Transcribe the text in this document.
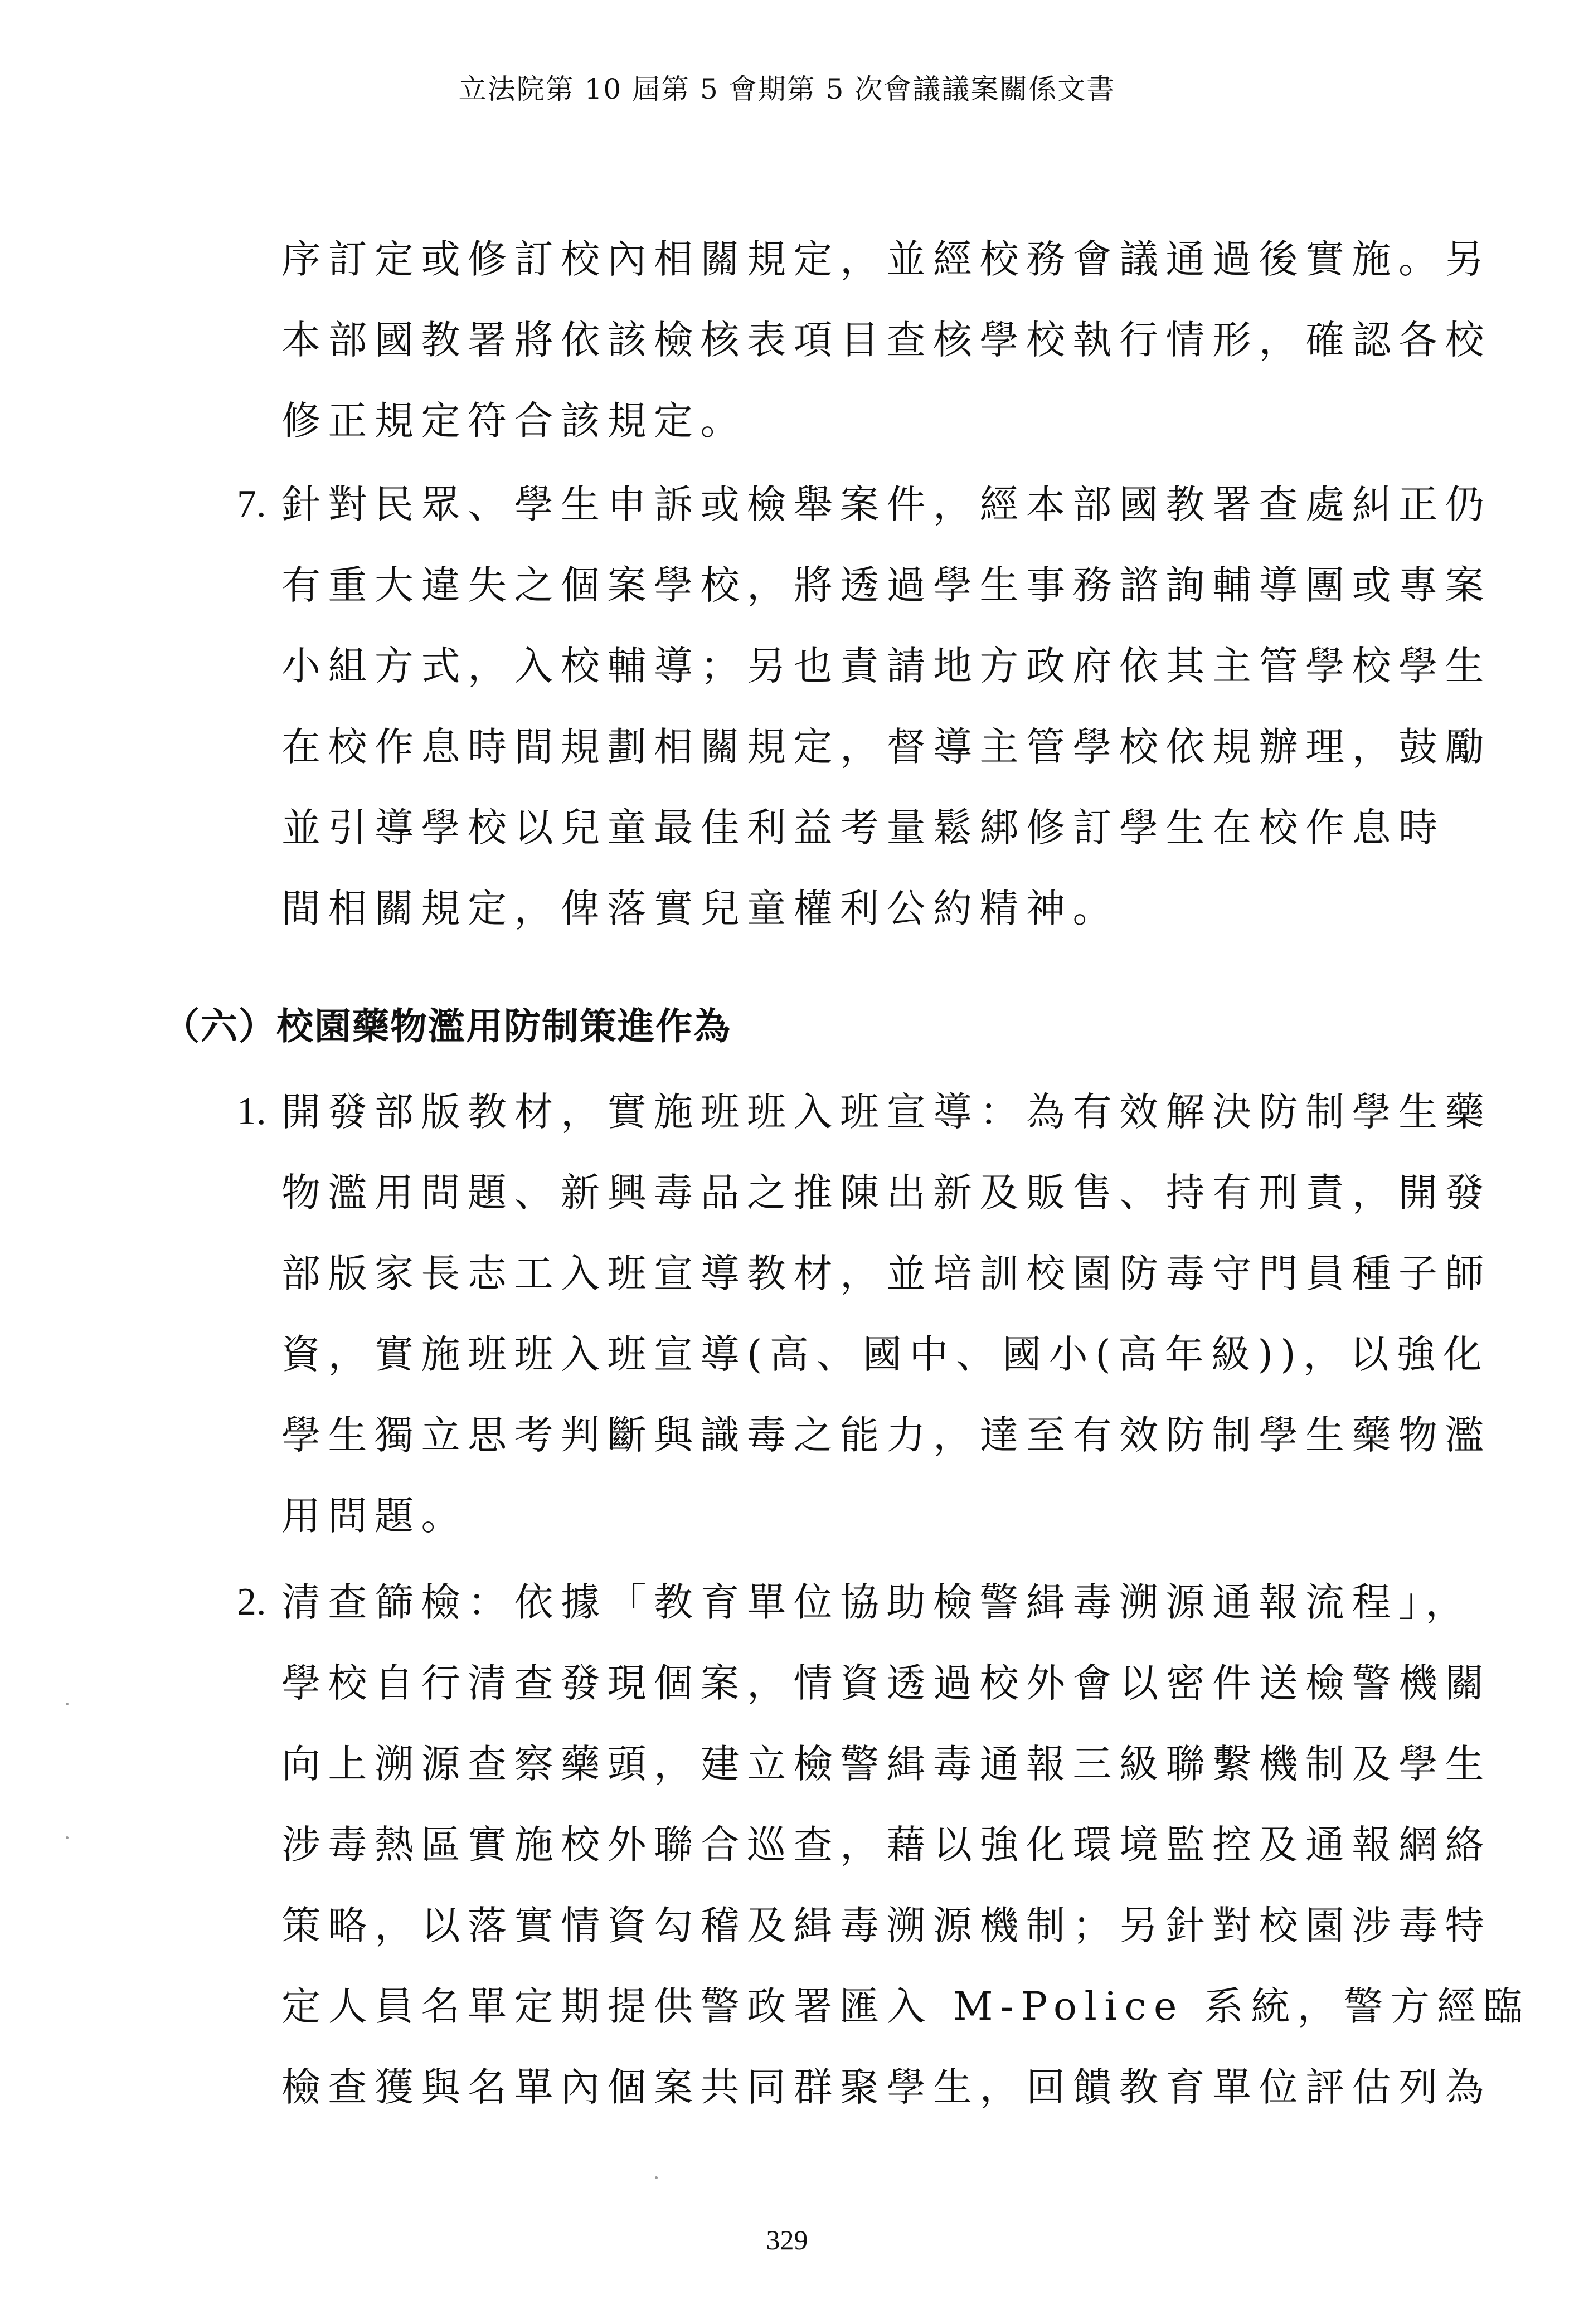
立法院第 10 屆第 5 會期第 5 次會議議案關係文書
序訂定或修訂校內相關規定，並經校務會議通過後實施。另
本部國教署將依該檢核表項目查核學校執行情形，確認各校
修正規定符合該規定。
7. 針對民眾、學生申訴或檢舉案件，經本部國教署查處糾正仍
有重大違失之個案學校，將透過學生事務諮詢輔導團或專案
小組方式，入校輔導；另也責請地方政府依其主管學校學生
在校作息時間規劃相關規定，督導主管學校依規辦理，鼓勵
並引導學校以兒童最佳利益考量鬆綁修訂學生在校作息時
間相關規定，俾落實兒童權利公約精神。
（六）校園藥物濫用防制策進作為
1. 開發部版教材，實施班班入班宣導：為有效解決防制學生藥
物濫用問題、新興毒品之推陳出新及販售、持有刑責，開發
部版家長志工入班宣導教材，並培訓校園防毒守門員種子師
資，實施班班入班宣導(高、國中、國小(高年級))，以強化
學生獨立思考判斷與識毒之能力，達至有效防制學生藥物濫
用問題。
2. 清查篩檢：依據「教育單位協助檢警緝毒溯源通報流程」，
學校自行清查發現個案，情資透過校外會以密件送檢警機關
向上溯源查察藥頭，建立檢警緝毒通報三級聯繫機制及學生
涉毒熱區實施校外聯合巡查，藉以強化環境監控及通報網絡
策略，以落實情資勾稽及緝毒溯源機制；另針對校園涉毒特
定人員名單定期提供警政署匯入 M-Police 系統，警方經臨
檢查獲與名單內個案共同群聚學生，回饋教育單位評估列為
329
